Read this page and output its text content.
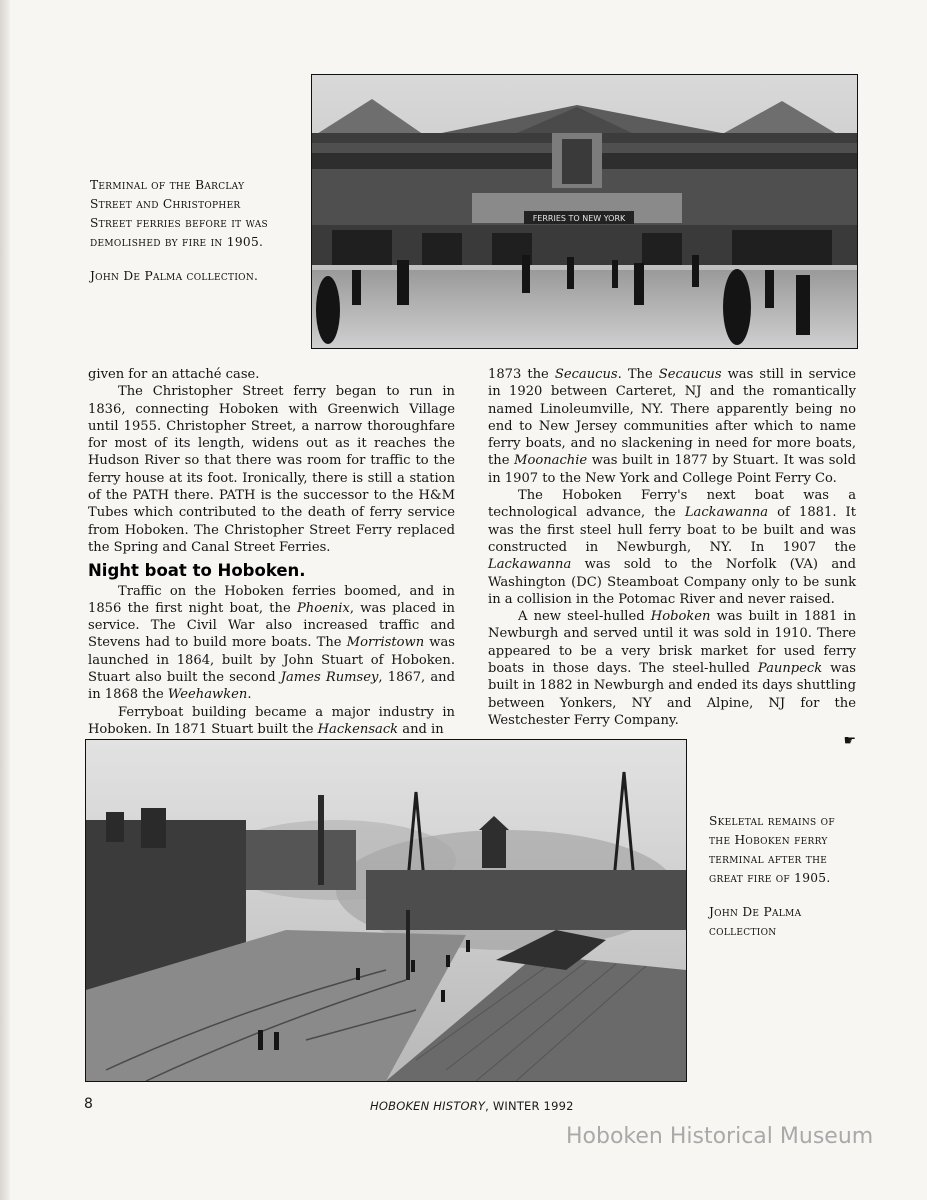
Terminal of the Barclay Street and Christopher Street ferries before it was demolished by fire in 1905.

John De Palma collection.

FERRIES TO NEW YORK

given for an attaché case.

The Christopher Street ferry began to run in 1836, connecting Hoboken with Greenwich Village until 1955. Christopher Street, a narrow thoroughfare for most of its length, widens out as it reaches the Hudson River so that there was room for traffic to the ferry house at its foot. Ironically, there is still a station of the PATH there. PATH is the successor to the H&M Tubes which contributed to the death of ferry service from Hoboken. The Christopher Street Ferry replaced the Spring and Canal Street Ferries.

Night boat to Hoboken.

Traffic on the Hoboken ferries boomed, and in 1856 the first night boat, the Phoenix, was placed in service. The Civil War also increased traffic and Stevens had to build more boats. The Morristown was launched in 1864, built by John Stuart of Hoboken. Stuart also built the second James Rumsey, 1867, and in 1868 the Weehawken.

Ferryboat building became a major industry in Hoboken. In 1871 Stuart built the Hackensack and in

1873 the Secaucus. The Secaucus was still in service in 1920 between Carteret, NJ and the romantically named Linoleumville, NY. There apparently being no end to New Jersey communities after which to name ferry boats, and no slackening in need for more boats, the Moonachie was built in 1877 by Stuart. It was sold in 1907 to the New York and College Point Ferry Co.

The Hoboken Ferry's next boat was a technological advance, the Lackawanna of 1881. It was the first steel hull ferry boat to be built and was constructed in Newburgh, NY. In 1907 the Lackawanna was sold to the Norfolk (VA) and Washington (DC) Steamboat Company only to be sunk in a collision in the Potomac River and never raised.

A new steel-hulled Hoboken was built in 1881 in Newburgh and served until it was sold in 1910. There appeared to be a very brisk market for used ferry boats in those days. The steel-hulled Paunpeck was built in 1882 in Newburgh and ended its days shuttling between Yonkers, NY and Alpine, NJ for the Westchester Ferry Company.

☛

Skeletal remains of the Hoboken ferry terminal after the great fire of 1905.

John De Palma collection

8	HOBOKEN HISTORY, WINTER 1992
Hoboken Historical Museum
